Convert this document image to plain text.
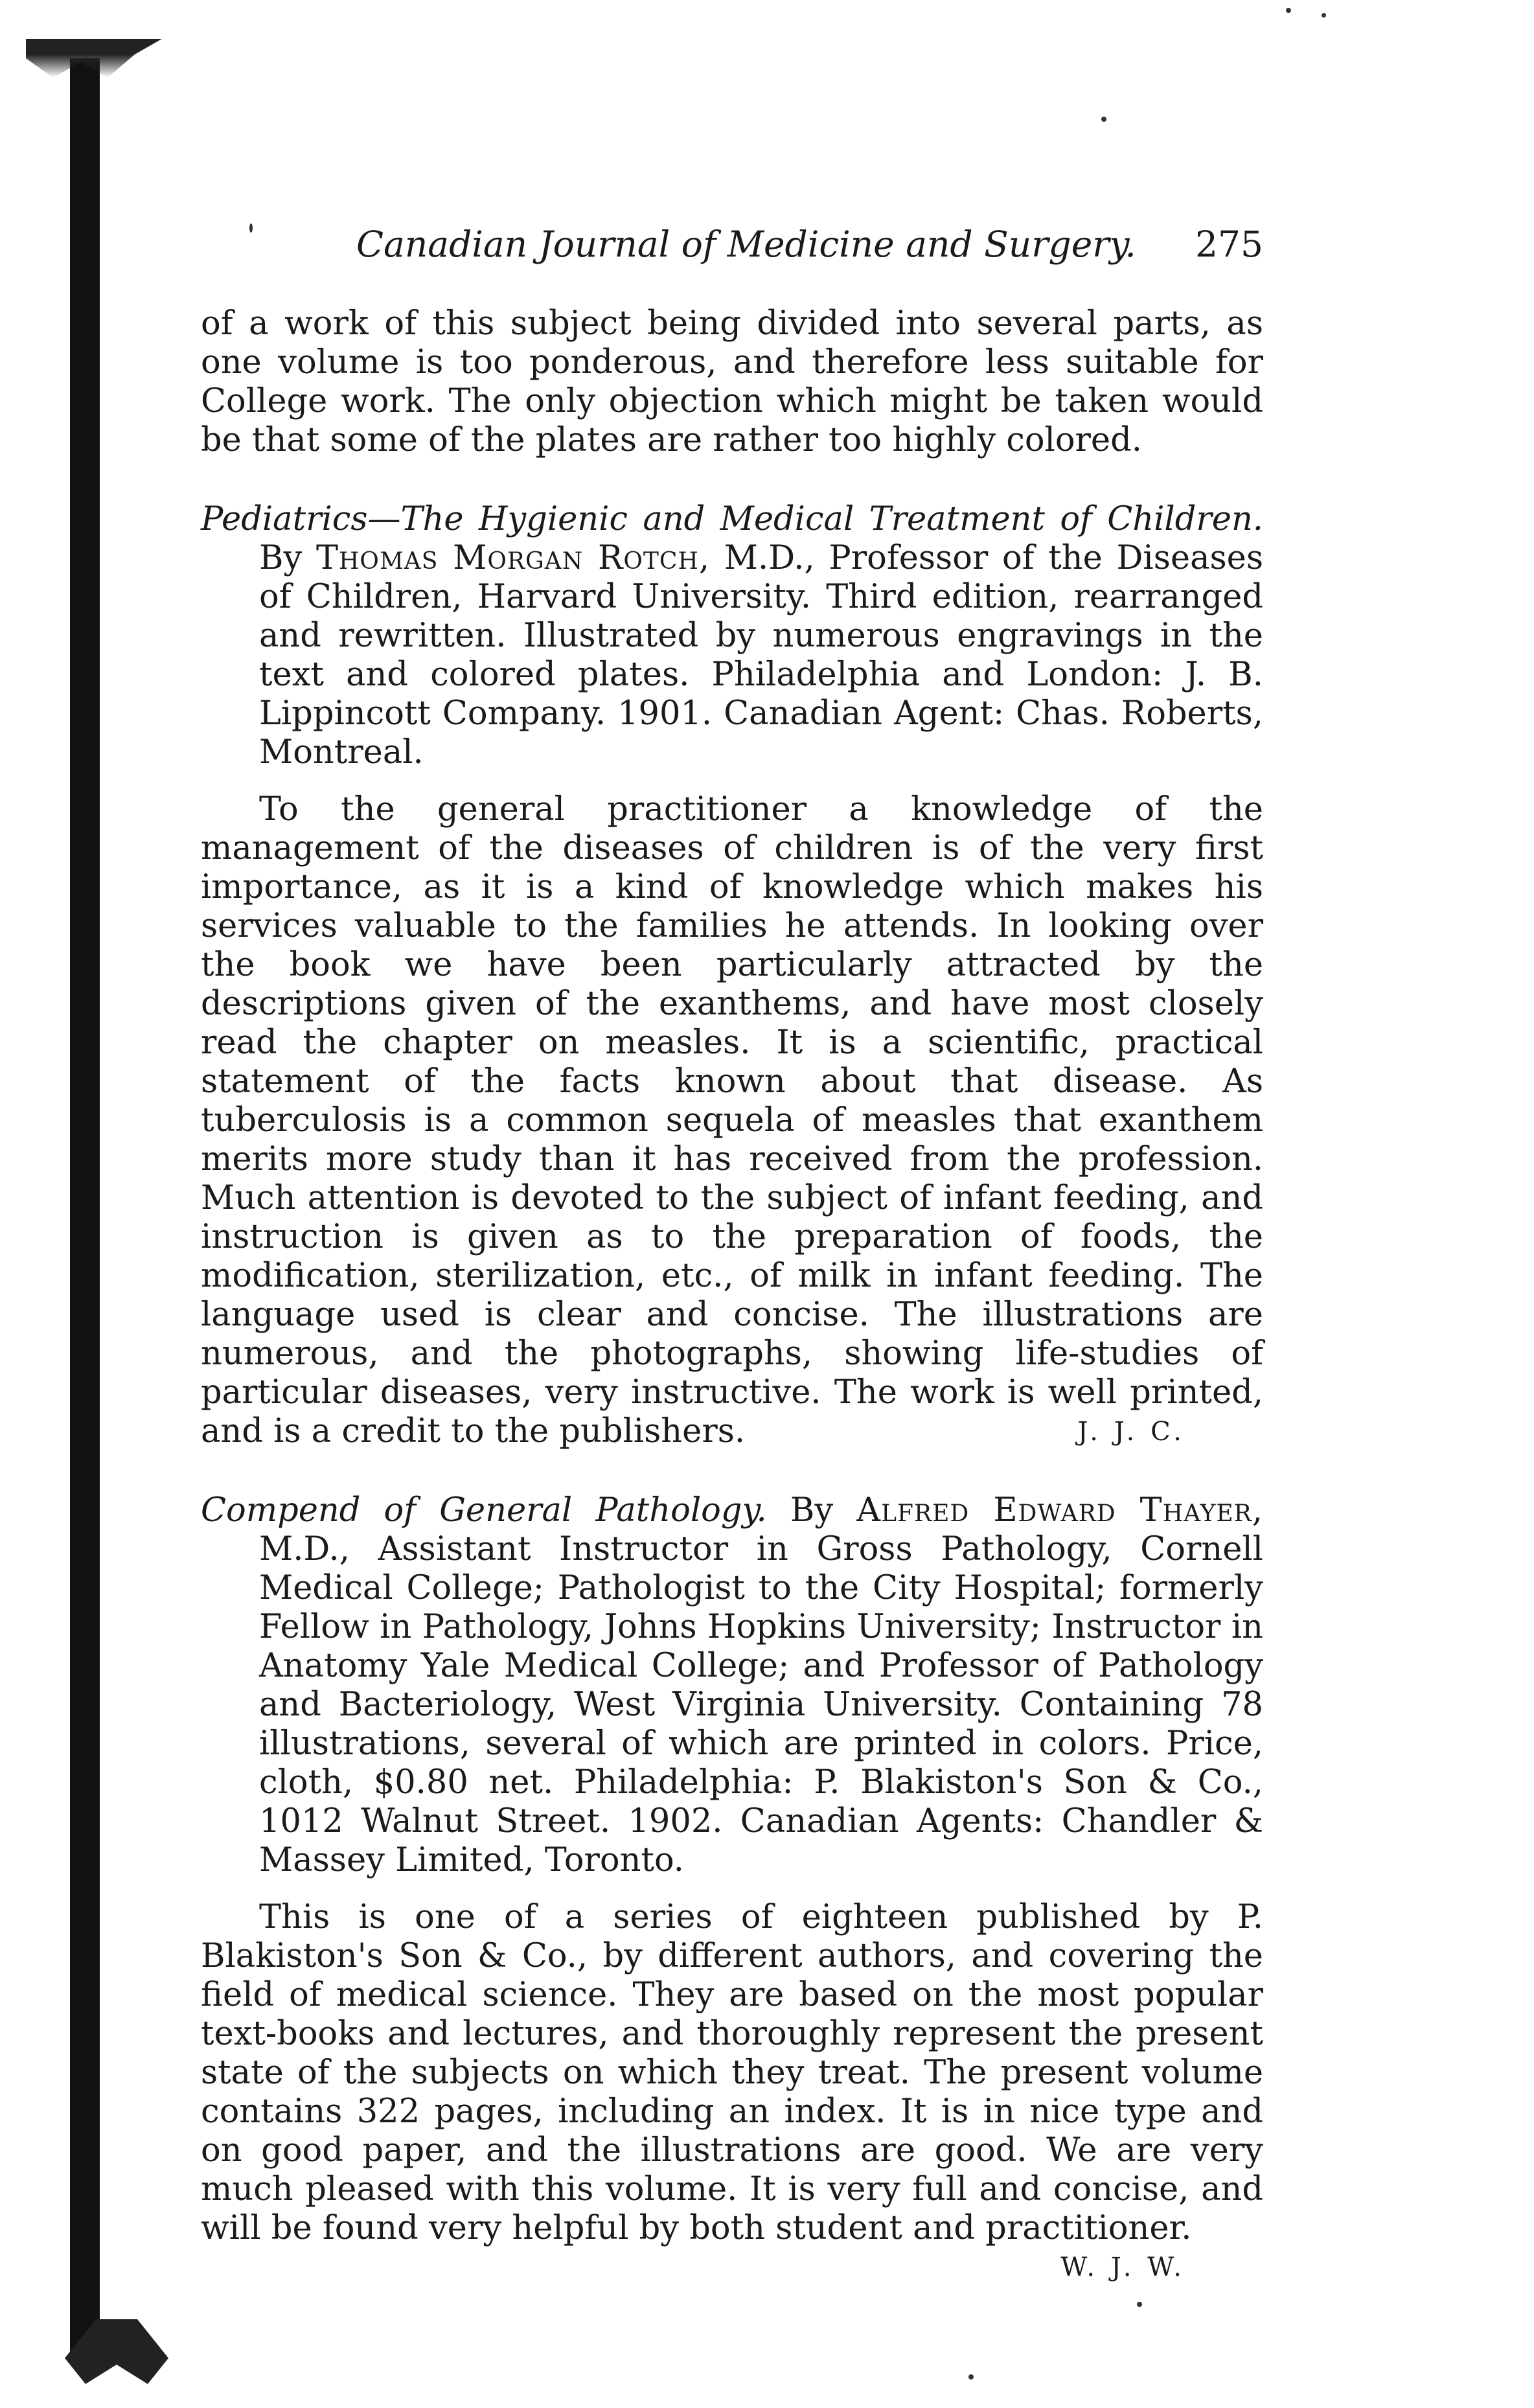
Canadian Journal of Medicine and Surgery. 275

of a work of this subject being divided into several parts, as one volume is too ponderous, and therefore less suitable for College work. The only objection which might be taken would be that some of the plates are rather too highly colored.

Pediatrics—The Hygienic and Medical Treatment of Children. By Thomas Morgan Rotch, M.D., Professor of the Diseases of Children, Harvard University. Third edition, rearranged and rewritten. Illustrated by numerous engravings in the text and colored plates. Philadelphia and London: J. B. Lippincott Company. 1901. Canadian Agent: Chas. Roberts, Montreal.

To the general practitioner a knowledge of the management of the diseases of children is of the very first importance, as it is a kind of knowledge which makes his services valuable to the families he attends. In looking over the book we have been particularly attracted by the descriptions given of the exanthems, and have most closely read the chapter on measles. It is a scientific, practical statement of the facts known about that disease. As tuberculosis is a common sequela of measles that exanthem merits more study than it has received from the profession. Much attention is devoted to the subject of infant feeding, and instruction is given as to the preparation of foods, the modification, sterilization, etc., of milk in infant feeding. The language used is clear and concise. The illustrations are numerous, and the photographs, showing life-studies of particular diseases, very instructive. The work is well printed, and is a credit to the publishers.	J. J. C.

Compend of General Pathology. By Alfred Edward Thayer, M.D., Assistant Instructor in Gross Pathology, Cornell Medical College; Pathologist to the City Hospital; formerly Fellow in Pathology, Johns Hopkins University; Instructor in Anatomy Yale Medical College; and Professor of Pathology and Bacteriology, West Virginia University. Containing 78 illustrations, several of which are printed in colors. Price, cloth, $0.80 net. Philadelphia: P. Blakiston's Son & Co., 1012 Walnut Street. 1902. Canadian Agents: Chandler & Massey Limited, Toronto.

This is one of a series of eighteen published by P. Blakiston's Son & Co., by different authors, and covering the field of medical science. They are based on the most popular text-books and lectures, and thoroughly represent the present state of the subjects on which they treat. The present volume contains 322 pages, including an index. It is in nice type and on good paper, and the illustrations are good. We are very much pleased with this volume. It is very full and concise, and will be found very helpful by both student and practitioner.
W. J. W.
